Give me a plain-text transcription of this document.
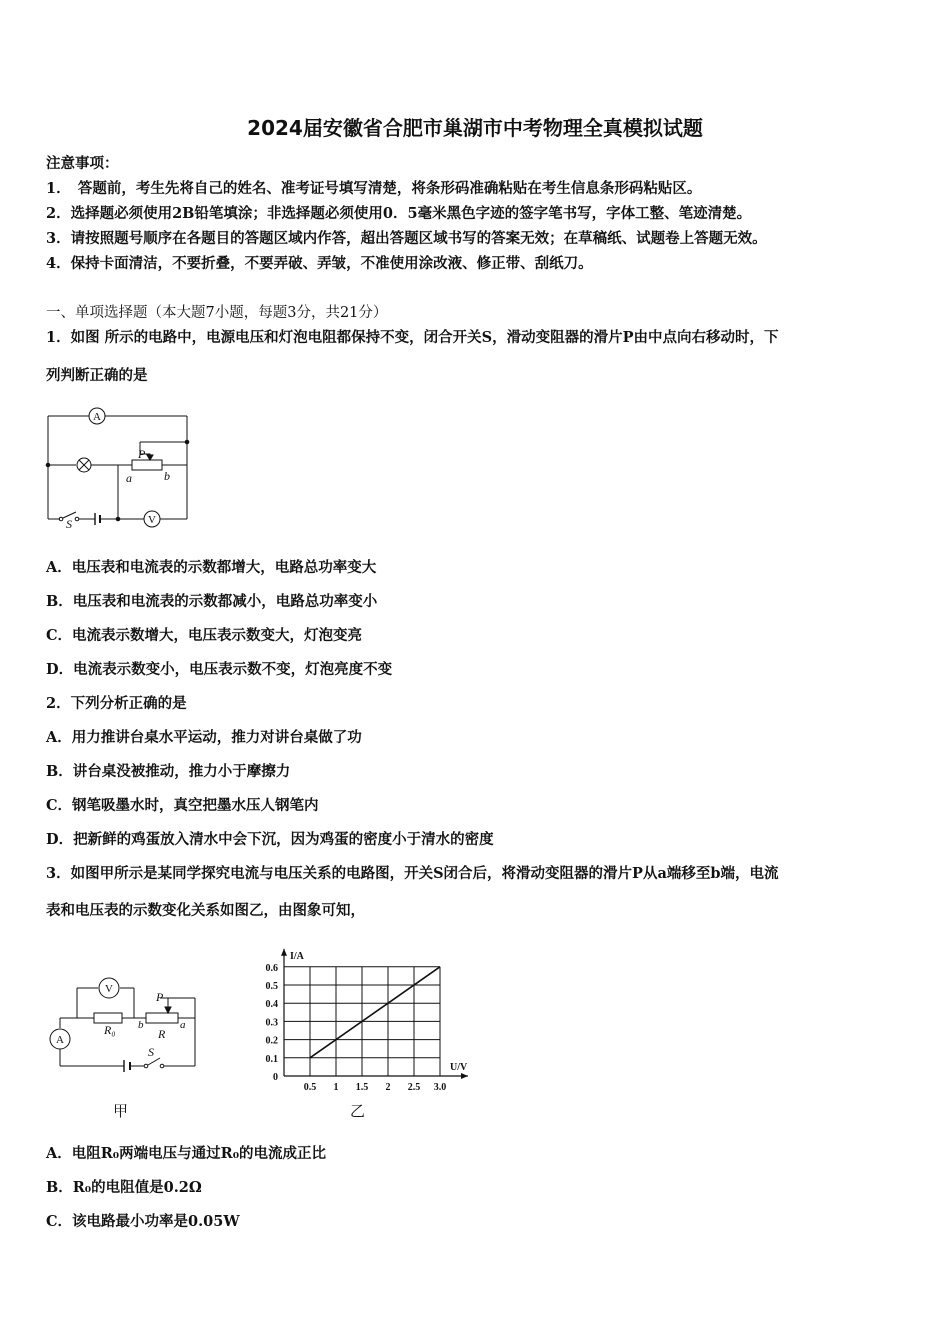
2024届安徽省合肥市巢湖市中考物理全真模拟试题
注意事项：
1．　答题前，考生先将自己的姓名、准考证号填写清楚，将条形码准确粘贴在考生信息条形码粘贴区。
2．选择题必须使用2B铅笔填涂；非选择题必须使用0．5毫米黑色字迹的签字笔书写，字体工整、笔迹清楚。
3．请按照题号顺序在各题目的答题区域内作答，超出答题区域书写的答案无效；在草稿纸、试题卷上答题无效。
4．保持卡面清洁，不要折叠，不要弄破、弄皱，不准使用涂改液、修正带、刮纸刀。
一、单项选择题（本大题7小题，每题3分，共21分）
1．如图 所示的电路中，电源电压和灯泡电阻都保持不变，闭合开关S，滑动变阻器的滑片P由中点向右移动时，下
列判断正确的是
A
P
a	b
V
S
A．电压表和电流表的示数都增大，电路总功率变大
B．电压表和电流表的示数都减小，电路总功率变小
C．电流表示数增大，电压表示数变大，灯泡变亮
D．电流表示数变小，电压表示数不变，灯泡亮度不变
2．下列分析正确的是
A．用力推讲台桌水平运动，推力对讲台桌做了功
B．讲台桌没被推动，推力小于摩擦力
C．钢笔吸墨水时，真空把墨水压人钢笔内
D．把新鲜的鸡蛋放入清水中会下沉，因为鸡蛋的密度小于清水的密度
3．如图甲所示是某同学探究电流与电压关系的电路图，开关S闭合后，将滑动变阻器的滑片P从a端移至b端，电流
表和电压表的示数变化关系如图乙，由图象可知，
V
R₀	R
b	a
P
A
S
甲
0.5 1 1.5 2 2.5 3.0
0
0.1
0.2
0.3
0.4
0.5
0.6
I/A
U/V
乙
A．电阻R₀两端电压与通过R₀的电流成正比
B．R₀的电阻值是0.2Ω
C．该电路最小功率是0.05W
